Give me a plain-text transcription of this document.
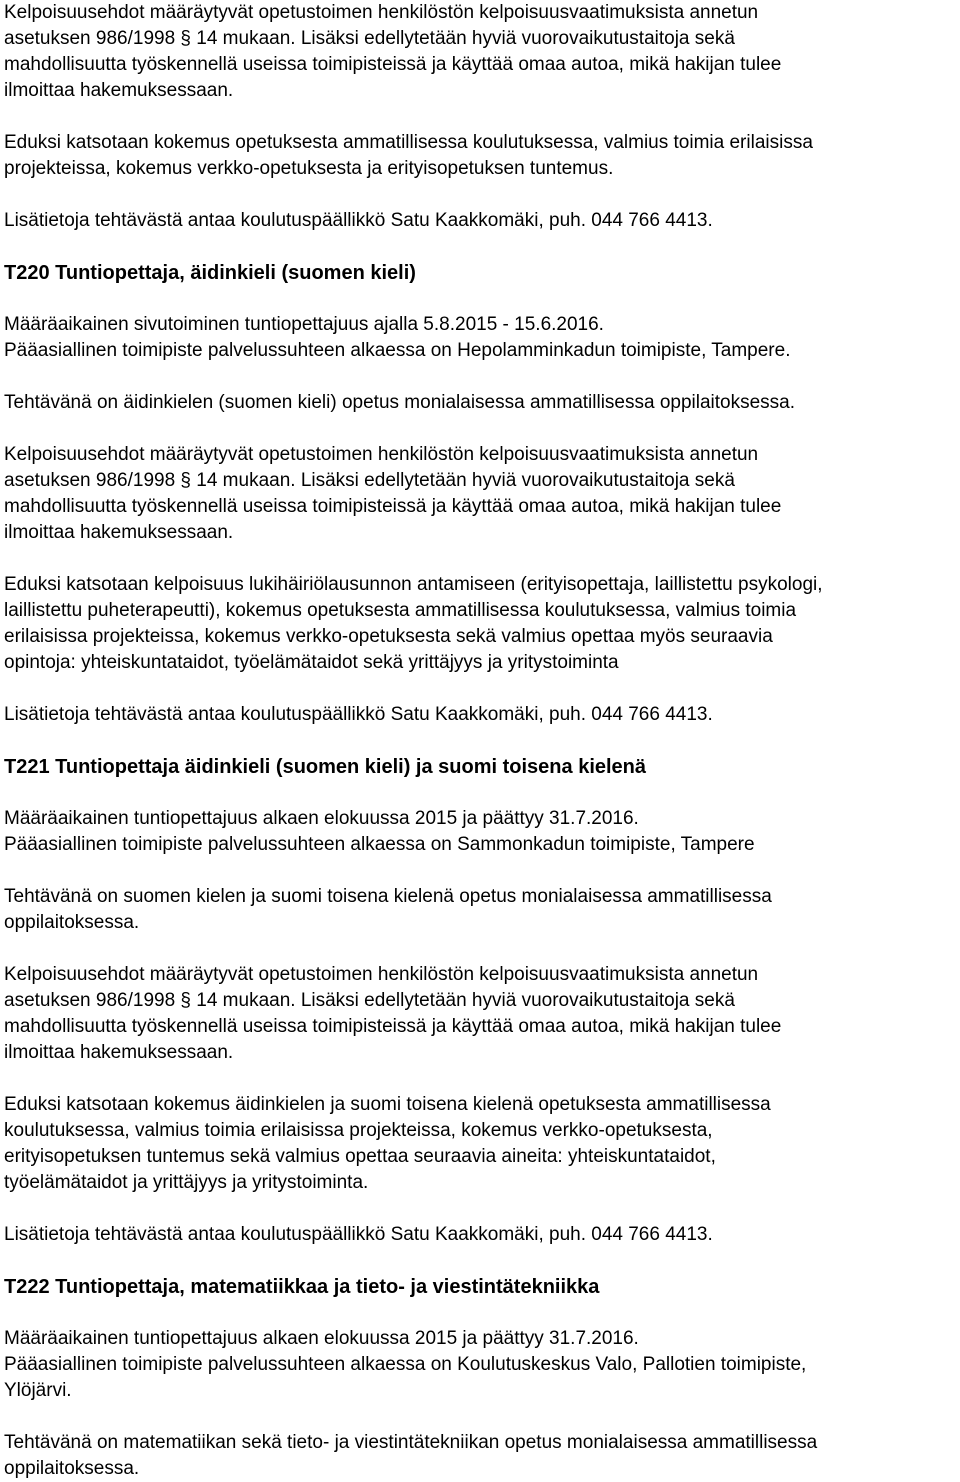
Kelpoisuusehdot määräytyvät opetustoimen henkilöstön kelpoisuusvaatimuksista annetun
asetuksen 986/1998 § 14 mukaan. Lisäksi edellytetään hyviä vuorovaikutustaitoja sekä
mahdollisuutta työskennellä useissa toimipisteissä ja käyttää omaa autoa, mikä hakijan tulee
ilmoittaa hakemuksessaan.

Eduksi katsotaan kokemus opetuksesta ammatillisessa koulutuksessa, valmius toimia erilaisissa
projekteissa, kokemus verkko-opetuksesta ja erityisopetuksen tuntemus.

Lisätietoja tehtävästä antaa koulutuspäällikkö Satu Kaakkomäki, puh. 044 766 4413.

T220 Tuntiopettaja, äidinkieli (suomen kieli)

Määräaikainen sivutoiminen tuntiopettajuus ajalla 5.8.2015 - 15.6.2016.
Pääasiallinen toimipiste palvelussuhteen alkaessa on Hepolamminkadun toimipiste, Tampere.

Tehtävänä on äidinkielen (suomen kieli) opetus monialaisessa ammatillisessa oppilaitoksessa.

Kelpoisuusehdot määräytyvät opetustoimen henkilöstön kelpoisuusvaatimuksista annetun
asetuksen 986/1998 § 14 mukaan. Lisäksi edellytetään hyviä vuorovaikutustaitoja sekä
mahdollisuutta työskennellä useissa toimipisteissä ja käyttää omaa autoa, mikä hakijan tulee
ilmoittaa hakemuksessaan.

Eduksi katsotaan kelpoisuus lukihäiriölausunnon antamiseen (erityisopettaja, laillistettu psykologi,
laillistettu puheterapeutti), kokemus opetuksesta ammatillisessa koulutuksessa, valmius toimia
erilaisissa projekteissa, kokemus verkko-opetuksesta sekä valmius opettaa myös seuraavia
opintoja: yhteiskuntataidot, työelämätaidot sekä yrittäjyys ja yritystoiminta

Lisätietoja tehtävästä antaa koulutuspäällikkö Satu Kaakkomäki, puh. 044 766 4413.

T221 Tuntiopettaja äidinkieli (suomen kieli) ja suomi toisena kielenä

Määräaikainen tuntiopettajuus alkaen elokuussa 2015 ja päättyy 31.7.2016.
Pääasiallinen toimipiste palvelussuhteen alkaessa on Sammonkadun toimipiste, Tampere

Tehtävänä on suomen kielen ja suomi toisena kielenä opetus monialaisessa ammatillisessa
oppilaitoksessa.

Kelpoisuusehdot määräytyvät opetustoimen henkilöstön kelpoisuusvaatimuksista annetun
asetuksen 986/1998 § 14 mukaan. Lisäksi edellytetään hyviä vuorovaikutustaitoja sekä
mahdollisuutta työskennellä useissa toimipisteissä ja käyttää omaa autoa, mikä hakijan tulee
ilmoittaa hakemuksessaan.

Eduksi katsotaan kokemus äidinkielen ja suomi toisena kielenä opetuksesta ammatillisessa
koulutuksessa, valmius toimia erilaisissa projekteissa, kokemus verkko-opetuksesta,
erityisopetuksen tuntemus sekä valmius opettaa seuraavia aineita: yhteiskuntataidot,
työelämätaidot ja yrittäjyys ja yritystoiminta.

Lisätietoja tehtävästä antaa koulutuspäällikkö Satu Kaakkomäki, puh. 044 766 4413.

T222 Tuntiopettaja, matematiikkaa ja tieto- ja viestintätekniikka

Määräaikainen tuntiopettajuus alkaen elokuussa 2015 ja päättyy 31.7.2016.
Pääasiallinen toimipiste palvelussuhteen alkaessa on Koulutuskeskus Valo, Pallotien toimipiste,
Ylöjärvi.

Tehtävänä on matematiikan sekä tieto- ja viestintätekniikan opetus monialaisessa ammatillisessa
oppilaitoksessa.
